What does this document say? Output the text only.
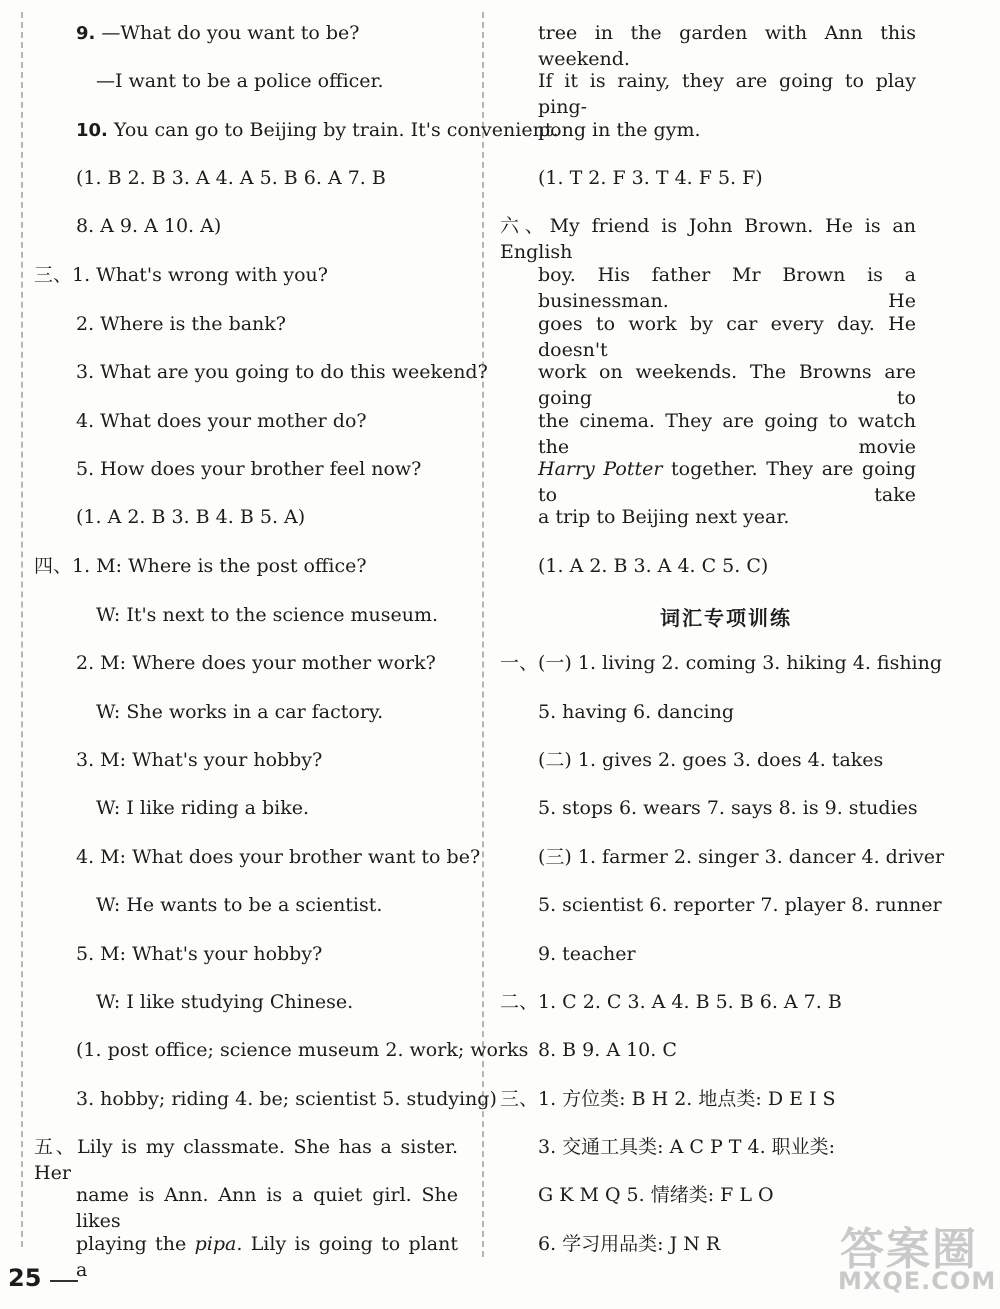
9. —What do you want to be?
—I want to be a police officer.
10. You can go to Beijing by train. It's convenient.
(1. B 2. B 3. A 4. A 5. B 6. A 7. B
8. A 9. A 10. A)
三、1. What's wrong with you?
2. Where is the bank?
3. What are you going to do this weekend?
4. What does your mother do?
5. How does your brother feel now?
(1. A 2. B 3. B 4. B 5. A)
四、1. M: Where is the post office?
W: It's next to the science museum.
2. M: Where does your mother work?
W: She works in a car factory.
3. M: What's your hobby?
W: I like riding a bike.
4. M: What does your brother want to be?
W: He wants to be a scientist.
5. M: What's your hobby?
W: I like studying Chinese.
(1. post office; science museum 2. work; works
3. hobby; riding 4. be; scientist 5. studying)
五、Lily is my classmate. She has a sister. Her
name is Ann. Ann is a quiet girl. She likes
playing the pipa. Lily is going to plant a
tree in the garden with Ann this weekend.
If it is rainy, they are going to play ping-
pong in the gym.
(1. T 2. F 3. T 4. F 5. F)
六、My friend is John Brown. He is an English
boy. His father Mr Brown is a businessman. He
goes to work by car every day. He doesn't
work on weekends. The Browns are going to
the cinema. They are going to watch the movie
Harry Potter together. They are going to take
a trip to Beijing next year.
(1. A 2. B 3. A 4. C 5. C)
词汇专项训练
一、(一) 1. living 2. coming 3. hiking 4. fishing
5. having 6. dancing
(二) 1. gives 2. goes 3. does 4. takes
5. stops 6. wears 7. says 8. is 9. studies
(三) 1. farmer 2. singer 3. dancer 4. driver
5. scientist 6. reporter 7. player 8. runner
9. teacher
二、1. C 2. C 3. A 4. B 5. B 6. A 7. B
8. B 9. A 10. C
三、1. 方位类: B H 2. 地点类: D E I S
3. 交通工具类: A C P T 4. 职业类:
G K M Q 5. 情绪类: F L O
6. 学习用品类: J N R
25
答案圈
MXQE.COM
